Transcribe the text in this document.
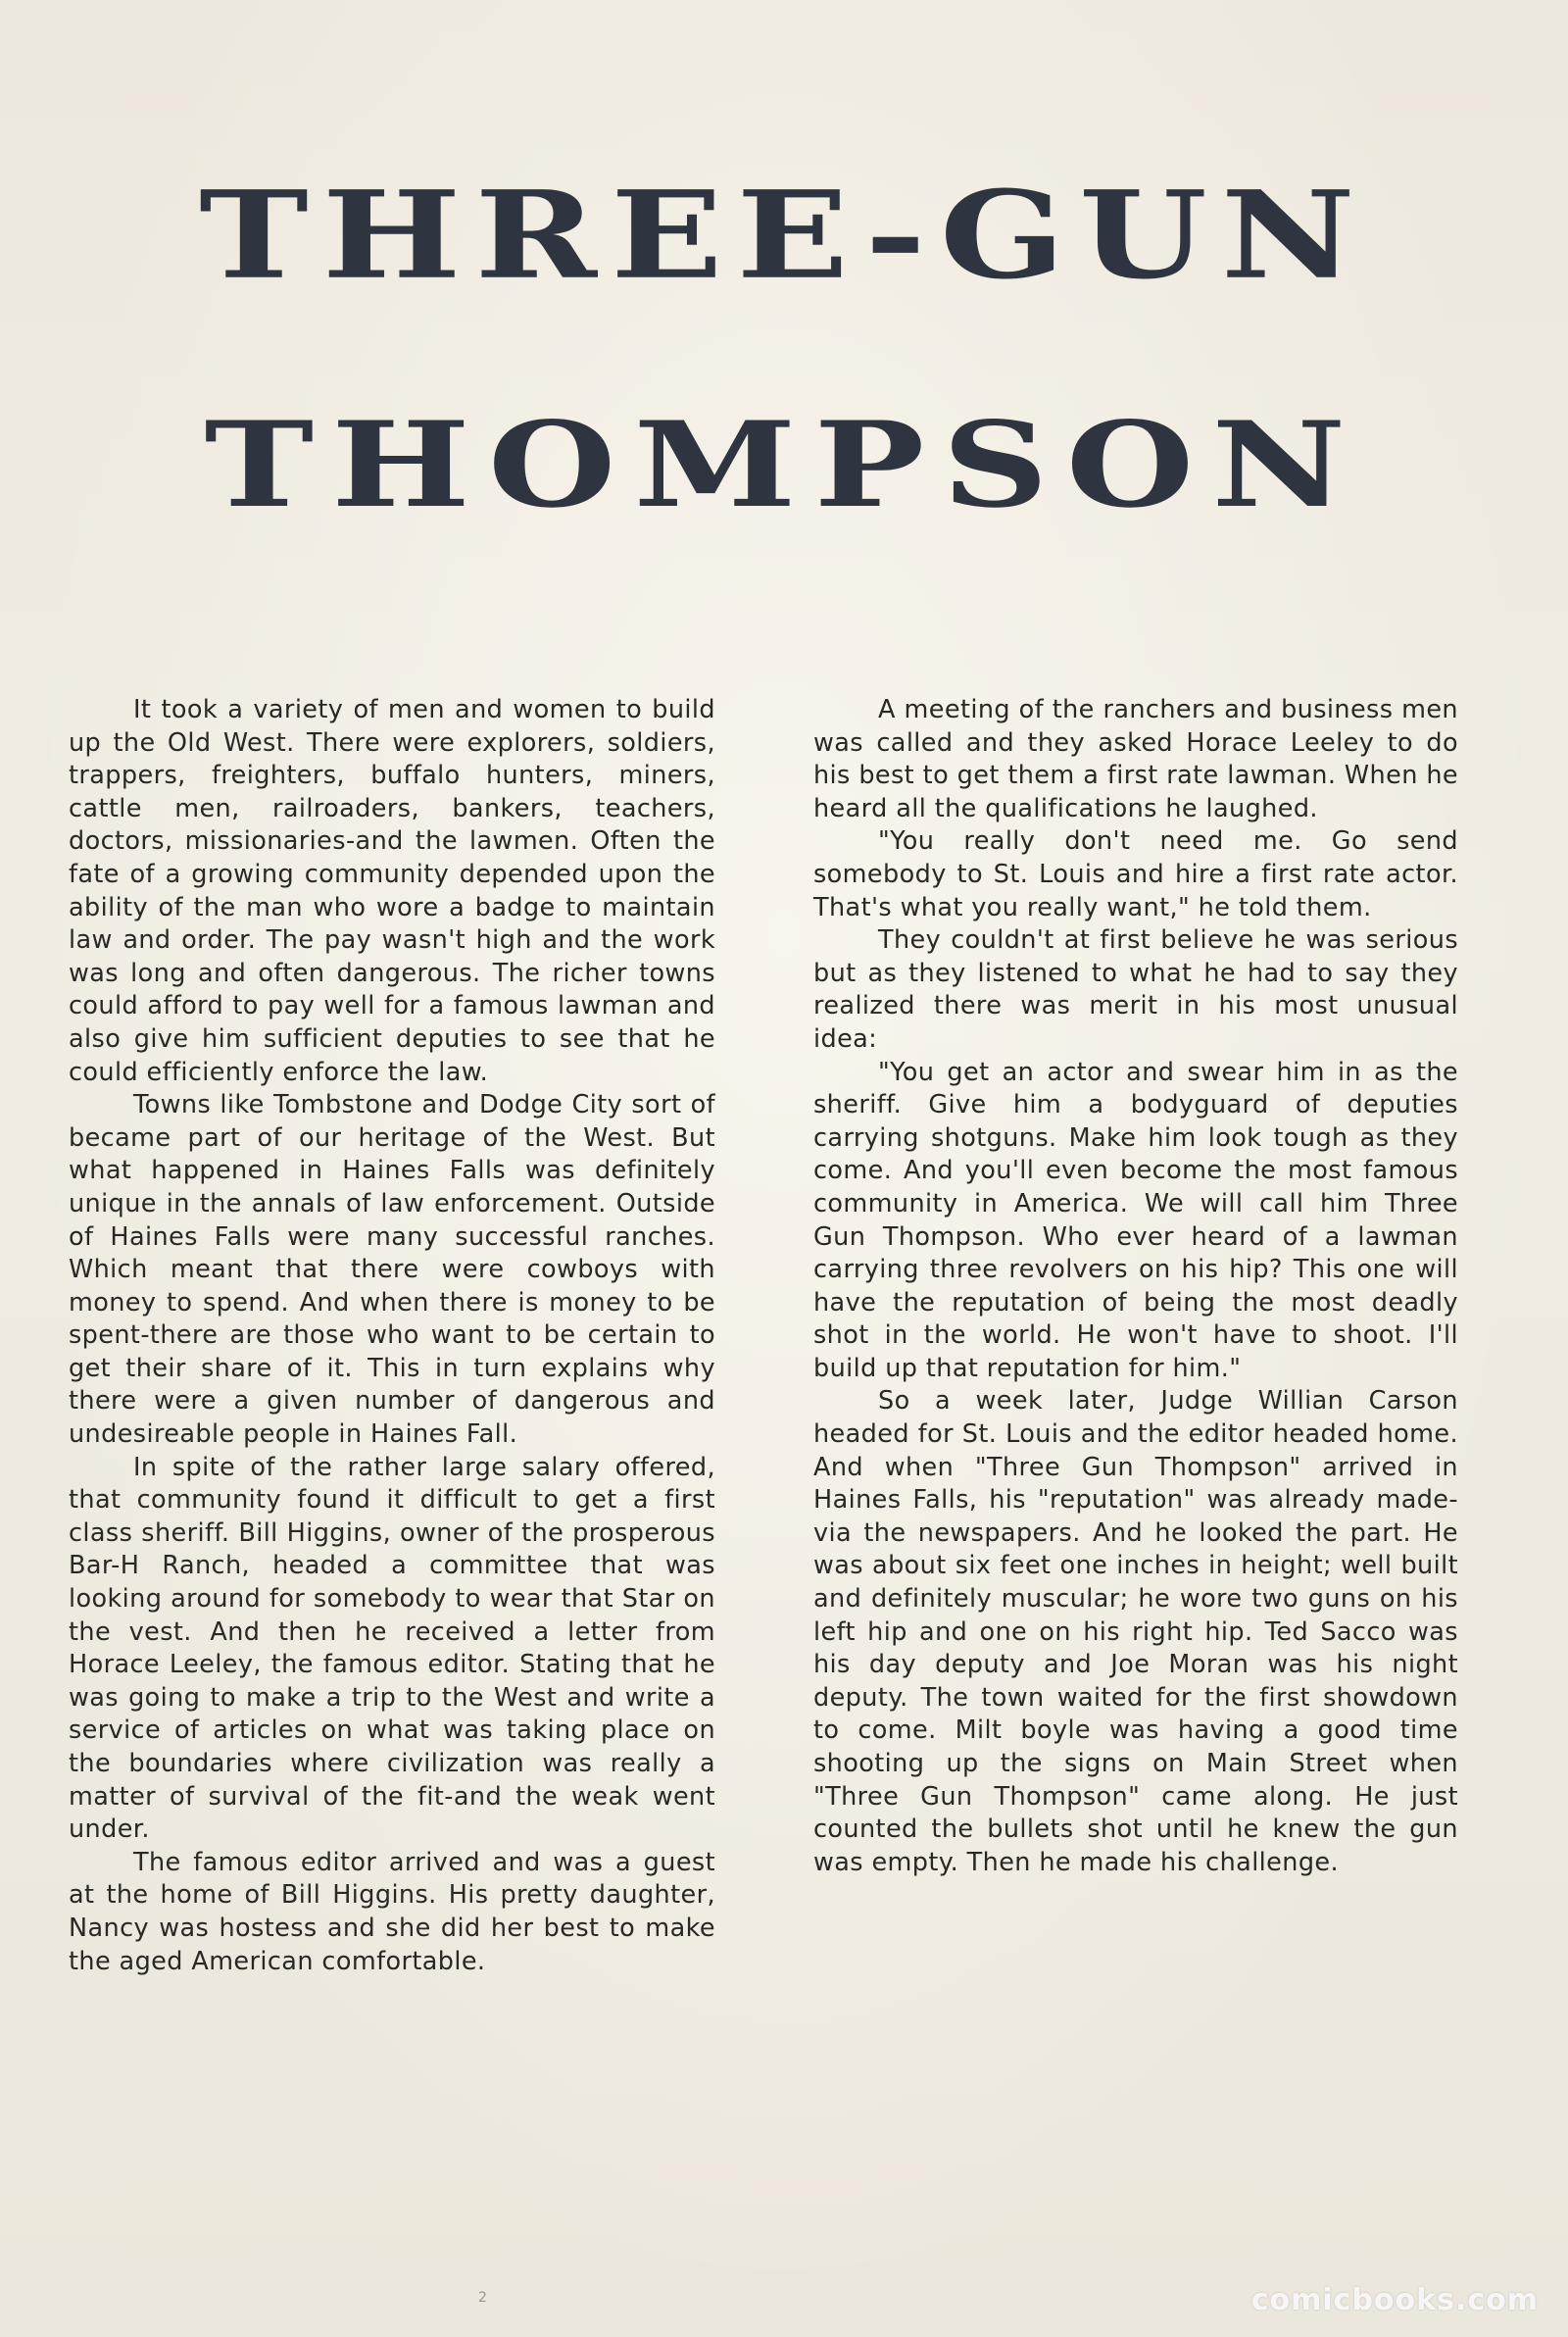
THREE-GUN
THOMPSON

It took a variety of men and women to build up the Old West. There were explorers, soldiers, trappers, freighters, buffalo hunters, miners, cattle men, railroaders, bankers, teachers, doctors, missionaries-and the lawmen. Often the fate of a growing community depended upon the ability of the man who wore a badge to maintain law and order. The pay wasn't high and the work was long and often dangerous. The richer towns could afford to pay well for a famous lawman and also give him sufficient deputies to see that he could efficiently enforce the law.

Towns like Tombstone and Dodge City sort of became part of our heritage of the West. But what happened in Haines Falls was definitely unique in the annals of law enforcement. Outside of Haines Falls were many successful ranches. Which meant that there were cowboys with money to spend. And when there is money to be spent-there are those who want to be certain to get their share of it. This in turn explains why there were a given number of dangerous and undesireable people in Haines Fall.

In spite of the rather large salary offered, that community found it difficult to get a first class sheriff. Bill Higgins, owner of the prosperous Bar-H Ranch, headed a committee that was looking around for somebody to wear that Star on the vest. And then he received a letter from Horace Leeley, the famous editor. Stating that he was going to make a trip to the West and write a service of articles on what was taking place on the boundaries where civilization was really a matter of survival of the fit-and the weak went under.

The famous editor arrived and was a guest at the home of Bill Higgins. His pretty daughter, Nancy was hostess and she did her best to make the aged American comfortable.

A meeting of the ranchers and business men was called and they asked Horace Leeley to do his best to get them a first rate lawman. When he heard all the qualifications he laughed.

"You really don't need me. Go send somebody to St. Louis and hire a first rate actor. That's what you really want," he told them.

They couldn't at first believe he was serious but as they listened to what he had to say they realized there was merit in his most unusual idea:

"You get an actor and swear him in as the sheriff. Give him a bodyguard of deputies carrying shotguns. Make him look tough as they come. And you'll even become the most famous community in America. We will call him Three Gun Thompson. Who ever heard of a lawman carrying three revolvers on his hip? This one will have the reputation of being the most deadly shot in the world. He won't have to shoot. I'll build up that reputation for him."

So a week later, Judge Willian Carson headed for St. Louis and the editor headed home. And when "Three Gun Thompson" arrived in Haines Falls, his "reputation" was already made-via the newspapers. And he looked the part. He was about six feet one inches in height; well built and definitely muscular; he wore two guns on his left hip and one on his right hip. Ted Sacco was his day deputy and Joe Moran was his night deputy. The town waited for the first showdown to come. Milt boyle was having a good time shooting up the signs on Main Street when "Three Gun Thompson" came along. He just counted the bullets shot until he knew the gun was empty. Then he made his challenge.

2	comicbooks.com
